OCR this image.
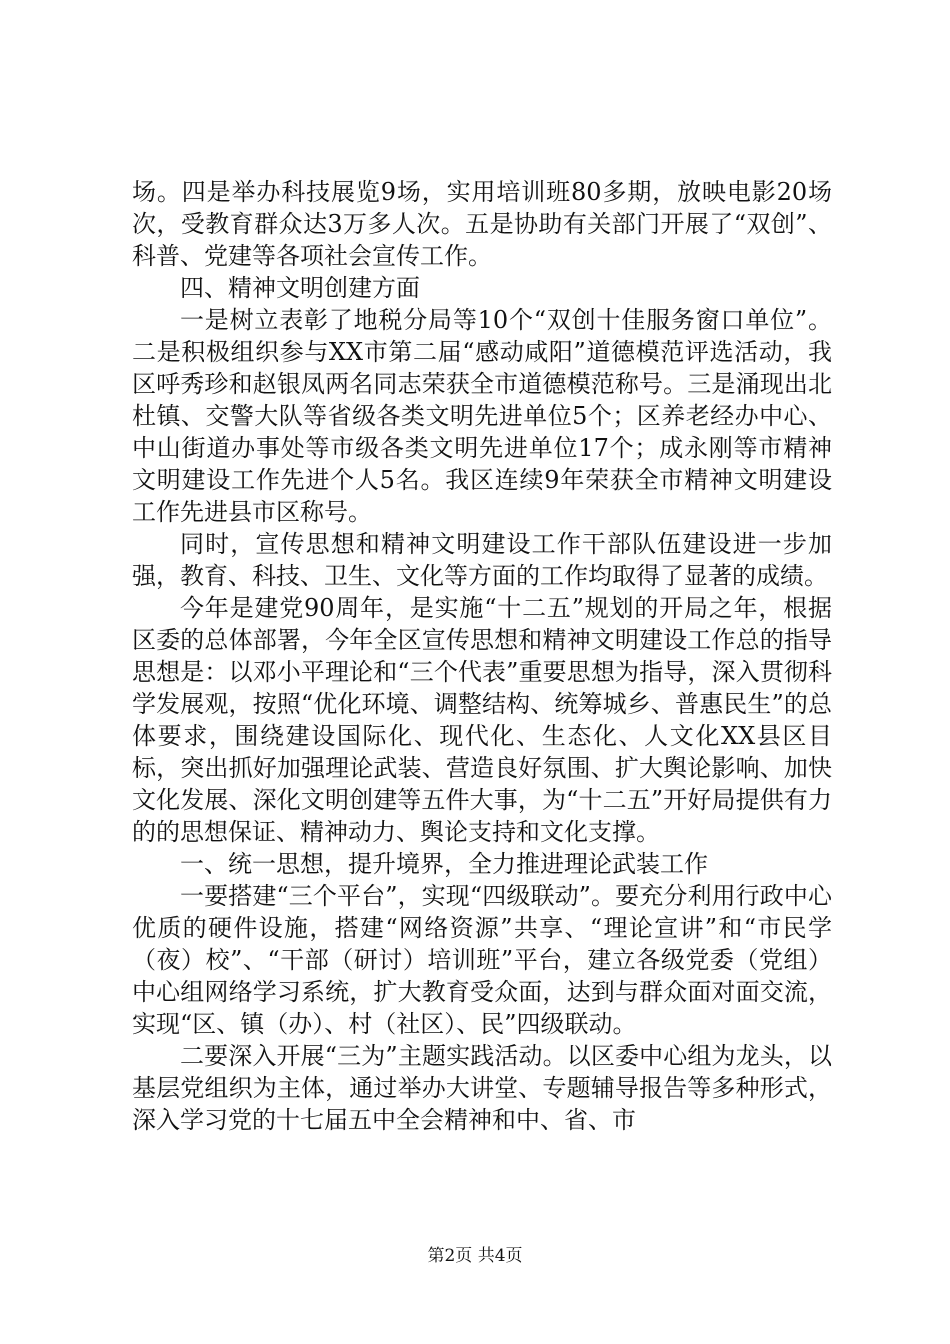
场。四是举办科技展览9场，实用培训班80多期，放映电影20场次，受教育群众达3万多人次。五是协助有关部门开展了“双创”、科普、党建等各项社会宣传工作。

四、精神文明创建方面

一是树立表彰了地税分局等10个“双创十佳服务窗口单位”。二是积极组织参与XX市第二届“感动咸阳”道德模范评选活动，我区呼秀珍和赵银凤两名同志荣获全市道德模范称号。三是涌现出北杜镇、交警大队等省级各类文明先进单位5个；区养老经办中心、中山街道办事处等市级各类文明先进单位17个；成永刚等市精神文明建设工作先进个人5名。我区连续9年荣获全市精神文明建设工作先进县市区称号。

同时，宣传思想和精神文明建设工作干部队伍建设进一步加强，教育、科技、卫生、文化等方面的工作均取得了显著的成绩。

今年是建党90周年，是实施“十二五”规划的开局之年，根据区委的总体部署，今年全区宣传思想和精神文明建设工作总的指导思想是：以邓小平理论和“三个代表”重要思想为指导，深入贯彻科学发展观，按照“优化环境、调整结构、统筹城乡、普惠民生”的总体要求，围绕建设国际化、现代化、生态化、人文化XX县区目标，突出抓好加强理论武装、营造良好氛围、扩大舆论影响、加快文化发展、深化文明创建等五件大事，为“十二五”开好局提供有力的的思想保证、精神动力、舆论支持和文化支撑。

一、统一思想，提升境界，全力推进理论武装工作

一要搭建“三个平台”，实现“四级联动”。要充分利用行政中心优质的硬件设施，搭建“网络资源”共享、“理论宣讲”和“市民学（夜）校”、“干部（研讨）培训班”平台，建立各级党委（党组）中心组网络学习系统，扩大教育受众面，达到与群众面对面交流，实现“区、镇（办）、村（社区）、民”四级联动。

二要深入开展“三为”主题实践活动。以区委中心组为龙头，以基层党组织为主体，通过举办大讲堂、专题辅导报告等多种形式，深入学习党的十七届五中全会精神和中、省、市

第2页 共4页
